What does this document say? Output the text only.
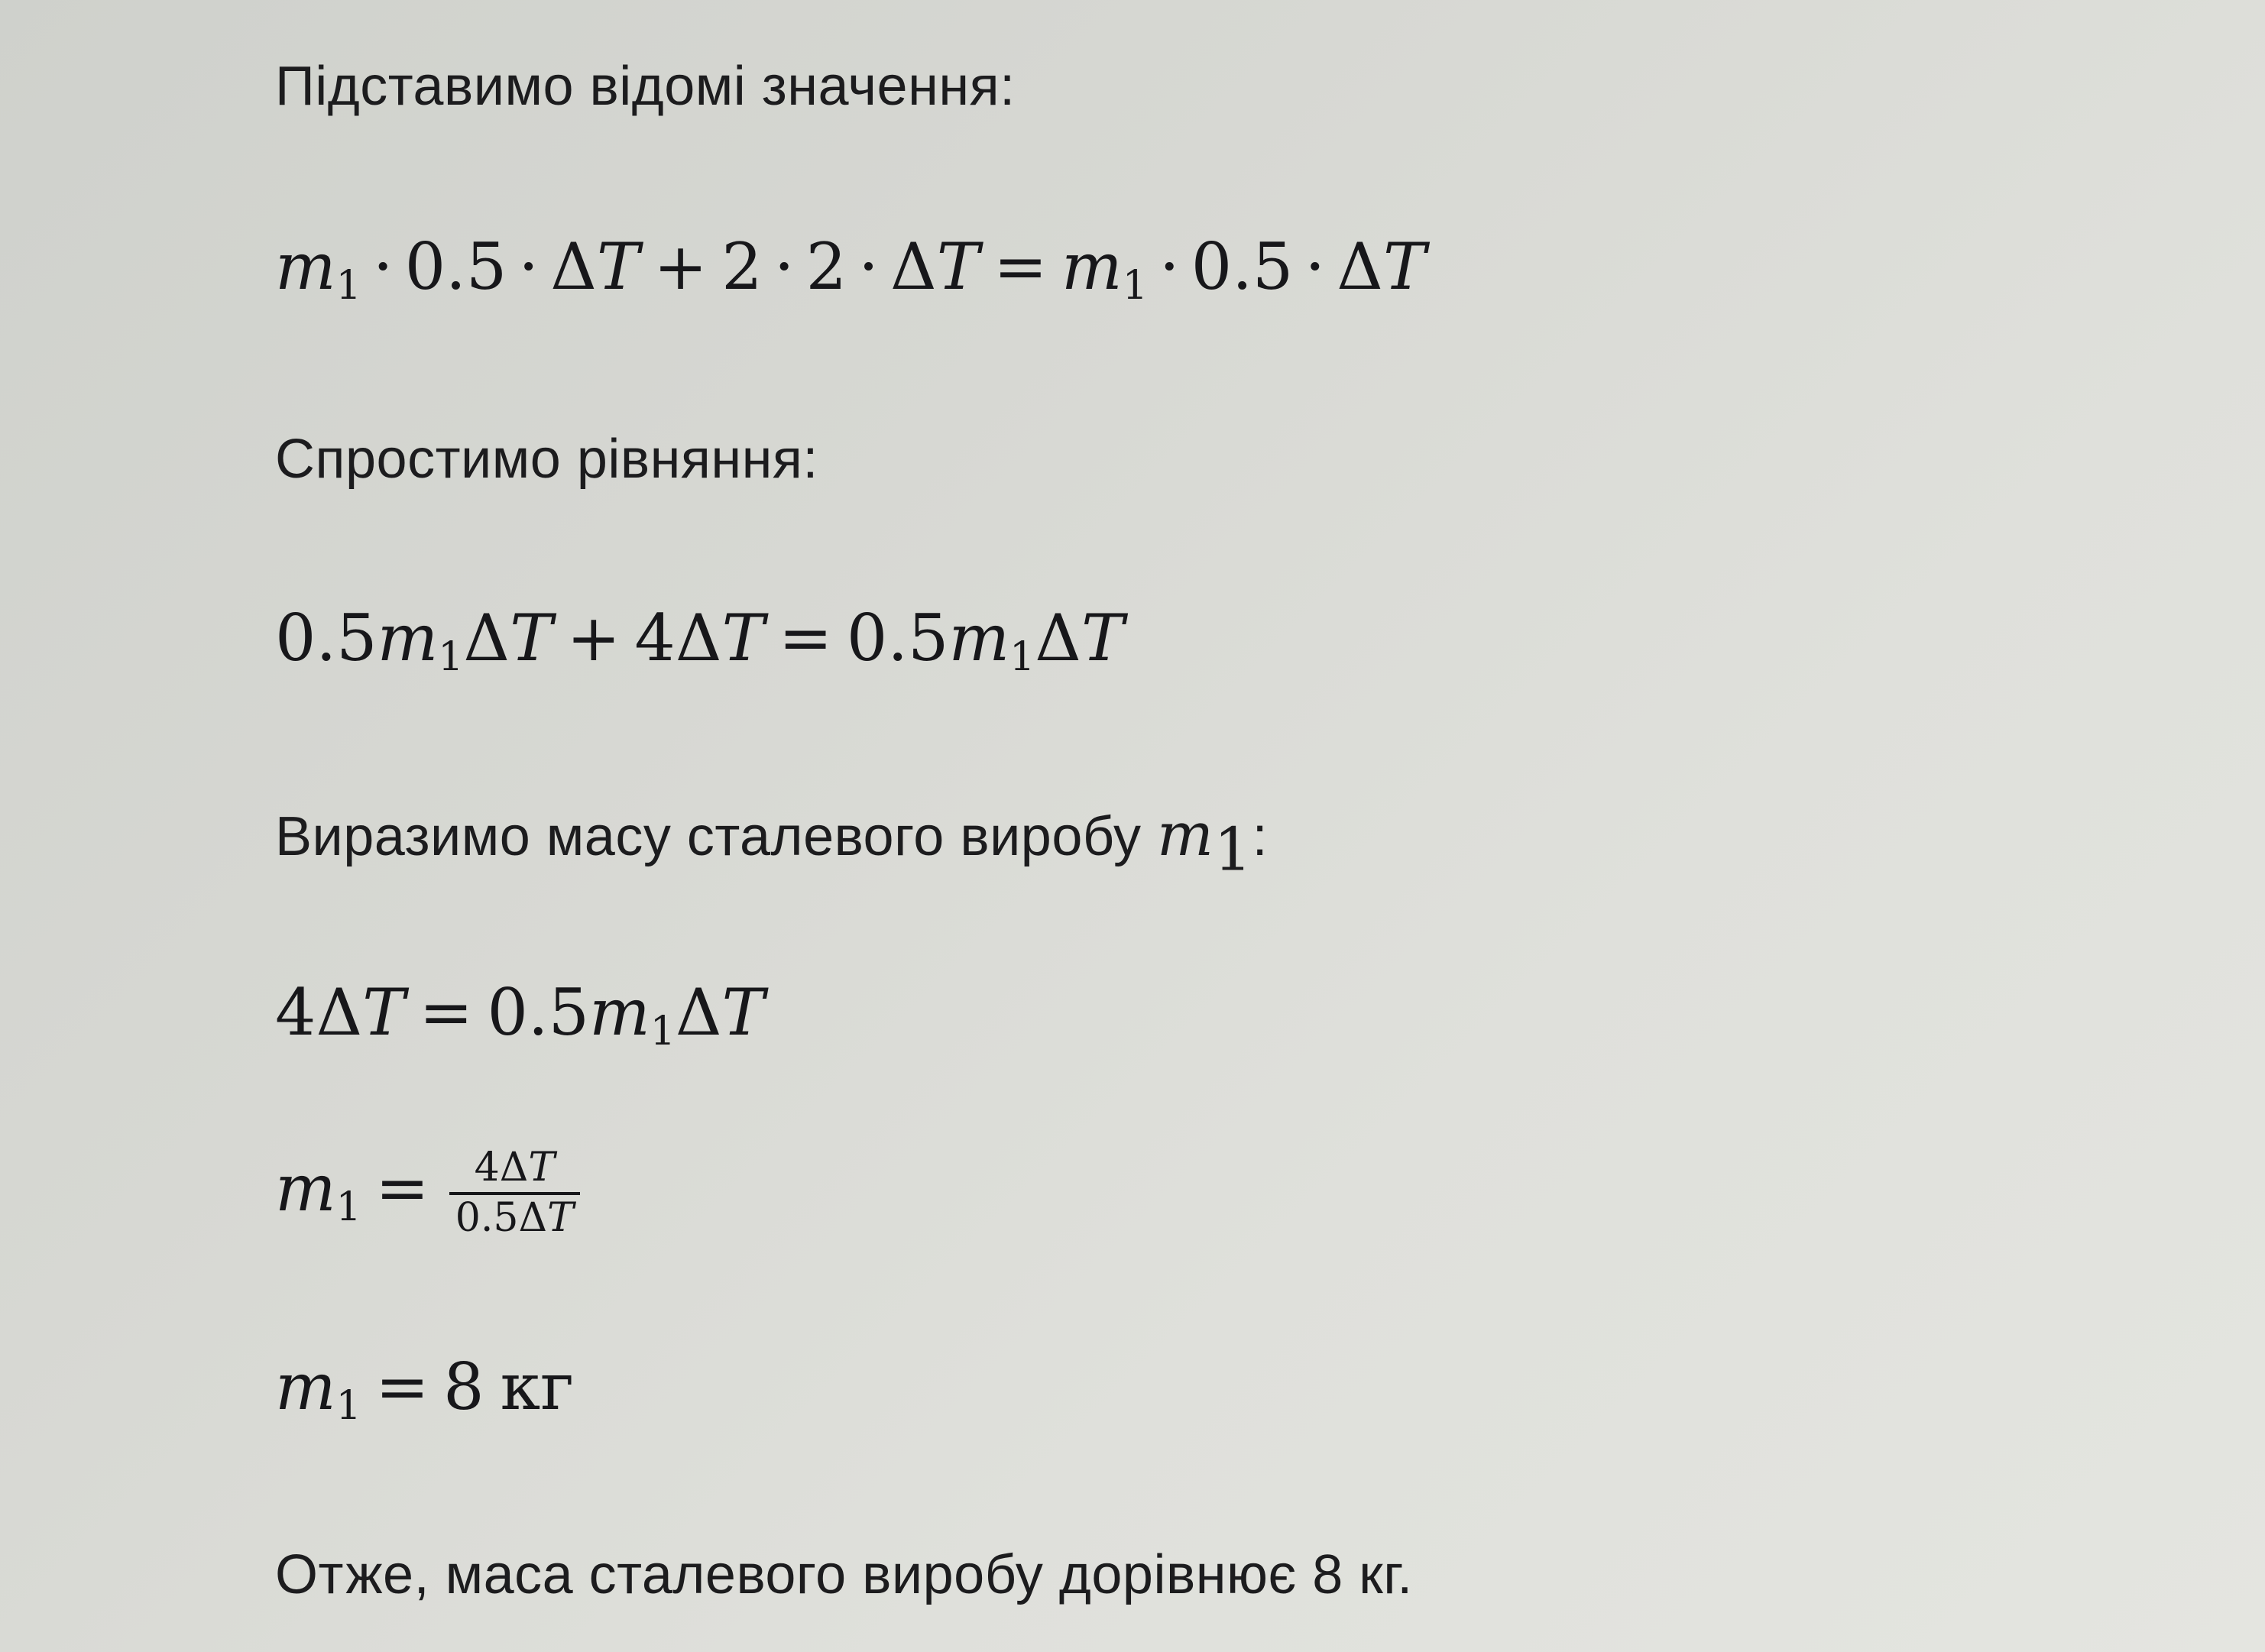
Підставимо відомі значення:
$m_1 \cdot 0.5 \cdot \Delta T + 2 \cdot 2 \cdot \Delta T = m_1 \cdot 0.5 \cdot \Delta T$
Спростимо рівняння:
$0.5m_1\Delta T + 4\Delta T = 0.5m_1\Delta T$
Виразимо масу сталевого виробу $m_1$:
$4\Delta T = 0.5m_1\Delta T$
$m_1 = \frac{4\Delta T}{0.5\Delta T}$
$m_1 = 8$ кг
Отже, маса сталевого виробу дорівнює 8 кг.
